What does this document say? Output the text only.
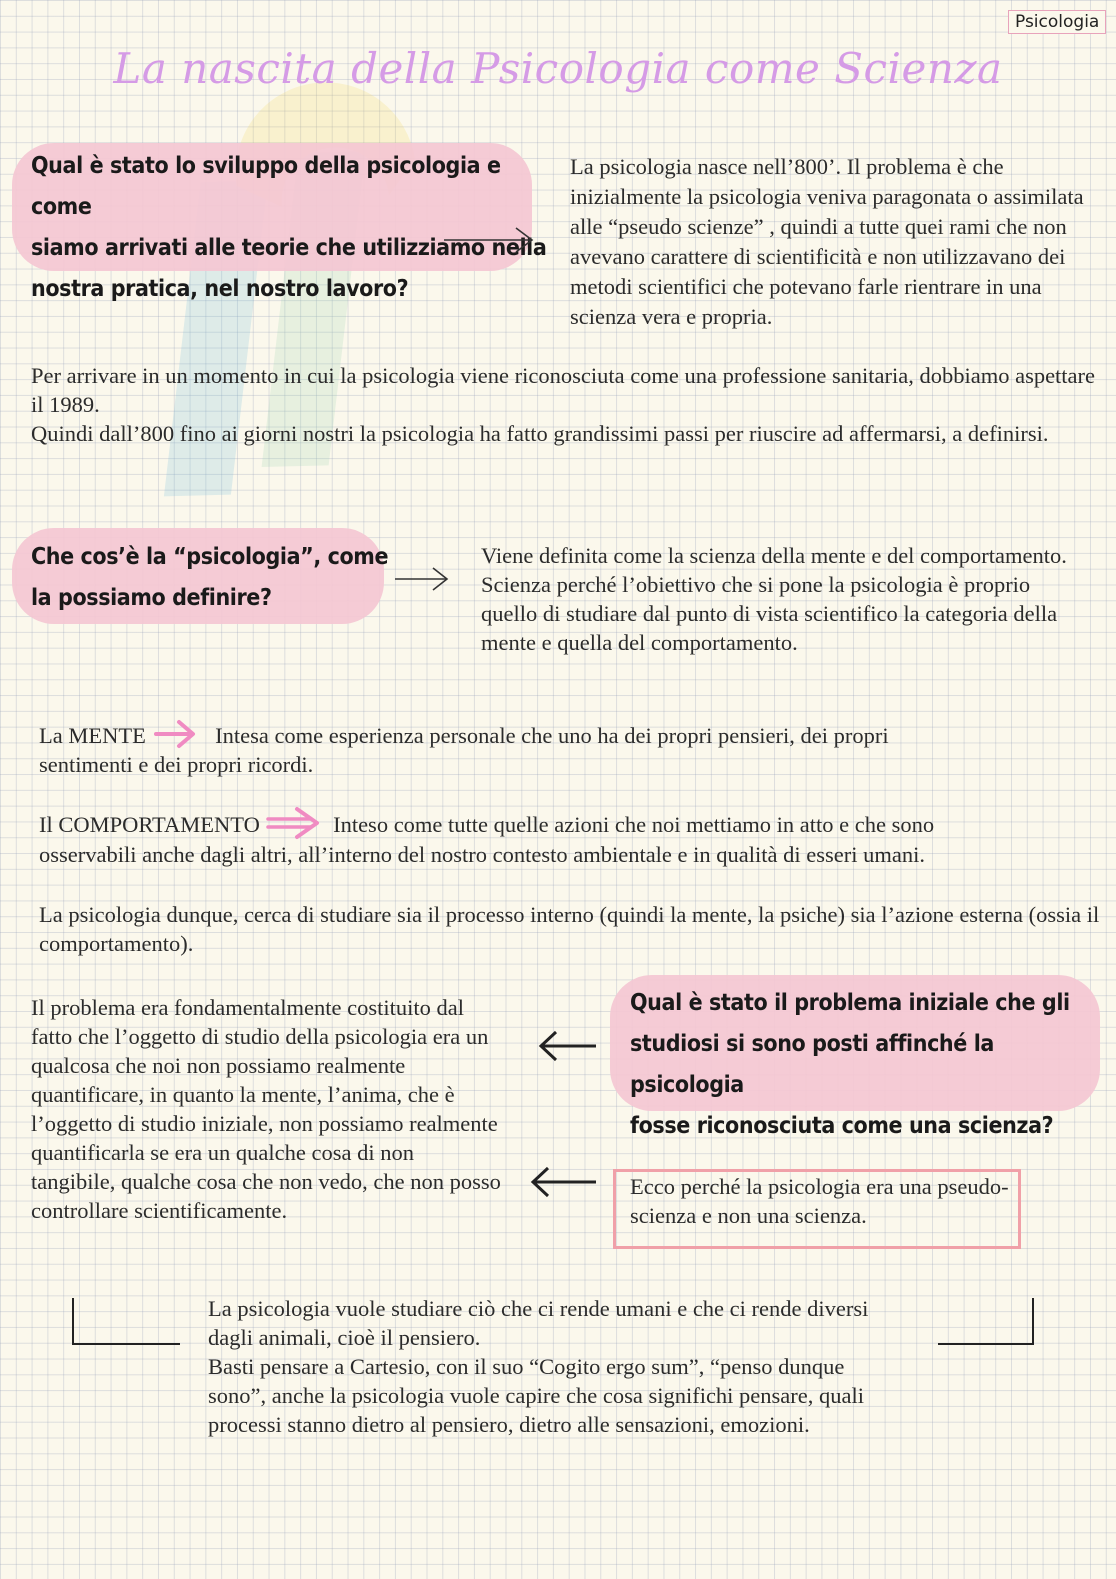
Psicologia
La nascita della Psicologia come Scienza
Qual è stato lo sviluppo della psicologia e come
siamo arrivati alle teorie che utilizziamo nella
nostra pratica, nel nostro lavoro?
La psicologia nasce nell’800’. Il problema è che inizialmente la psicologia veniva paragonata o assimilata alle “pseudo scienze” , quindi a tutte quei rami che non avevano carattere di scientificità e non utilizzavano dei metodi scientifici che potevano farle rientrare in una scienza vera e propria.
Per arrivare in un momento in cui la psicologia viene riconosciuta come una professione sanitaria, dobbiamo aspettare il 1989.
Quindi dall’800 fino ai giorni nostri la psicologia ha fatto grandissimi passi per riuscire ad affermarsi, a definirsi.
Che cos’è la “psicologia”, come
la possiamo definire?
Viene definita come la scienza della mente e del comportamento. Scienza perché l’obiettivo che si pone la psicologia è proprio quello di studiare dal punto di vista scientifico la categoria della mente e quella del comportamento.
La MENTE	Intesa come esperienza personale che uno ha dei propri pensieri, dei propri
sentimenti e dei propri ricordi.
Il COMPORTAMENTO	Inteso come tutte quelle azioni che noi mettiamo in atto e che sono
osservabili anche dagli altri, all’interno del nostro contesto ambientale e in qualità di esseri umani.
La psicologia dunque, cerca di studiare sia il processo interno (quindi la mente, la psiche) sia l’azione esterna (ossia il comportamento).
Qual è stato il problema iniziale che gli
studiosi si sono posti affinché la psicologia
fosse riconosciuta come una scienza?
Il problema era fondamentalmente costituito dal fatto che l’oggetto di studio della psicologia era un qualcosa che noi non possiamo realmente quantificare, in quanto la mente, l’anima, che è l’oggetto di studio iniziale, non possiamo realmente quantificarla se era un qualche cosa di non tangibile, qualche cosa che non vedo, che non posso controllare scientificamente.
Ecco perché la psicologia era una pseudo-scienza e non una scienza.
La psicologia vuole studiare ciò che ci rende umani e che ci rende diversi dagli animali, cioè il pensiero.
Basti pensare a Cartesio, con il suo “Cogito ergo sum”, “penso dunque sono”, anche la psicologia vuole capire che cosa significhi pensare, quali processi stanno dietro al pensiero, dietro alle sensazioni, emozioni.
